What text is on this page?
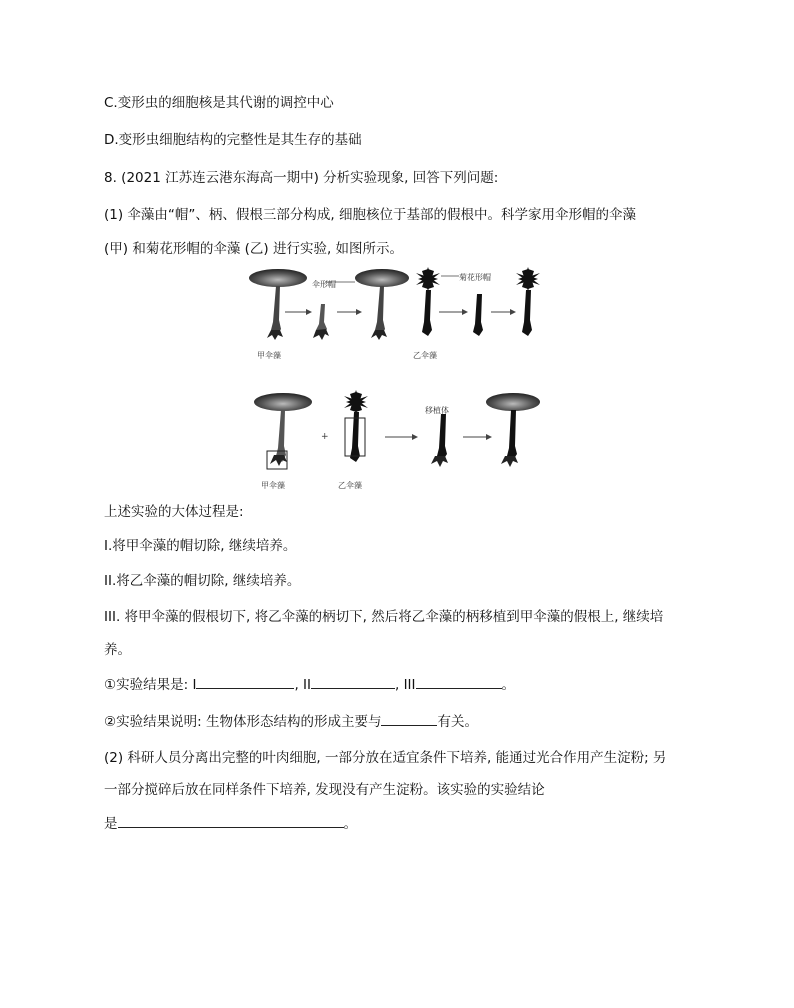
C.变形虫的细胞核是其代谢的调控中心
D.变形虫细胞结构的完整性是其生存的基础
8. (2021 江苏连云港东海高一期中) 分析实验现象, 回答下列问题:
(1) 伞藻由“帽”、柄、假根三部分构成, 细胞核位于基部的假根中。科学家用伞形帽的伞藻
(甲) 和菊花形帽的伞藻 (乙) 进行实验, 如图所示。
伞形帽
菊花形帽
甲伞藻	乙伞藻
移植体
+
甲伞藻	乙伞藻
上述实验的大体过程是:
I.将甲伞藻的帽切除, 继续培养。
II.将乙伞藻的帽切除, 继续培养。
III. 将甲伞藻的假根切下, 将乙伞藻的柄切下, 然后将乙伞藻的柄移植到甲伞藻的假根上, 继续培
养。
①实验结果是: I	, II	, III	。
②实验结果说明: 生物体形态结构的形成主要与	有关。
(2) 科研人员分离出完整的叶肉细胞, 一部分放在适宜条件下培养, 能通过光合作用产生淀粉; 另
一部分搅碎后放在同样条件下培养, 发现没有产生淀粉。该实验的实验结论
是	。
